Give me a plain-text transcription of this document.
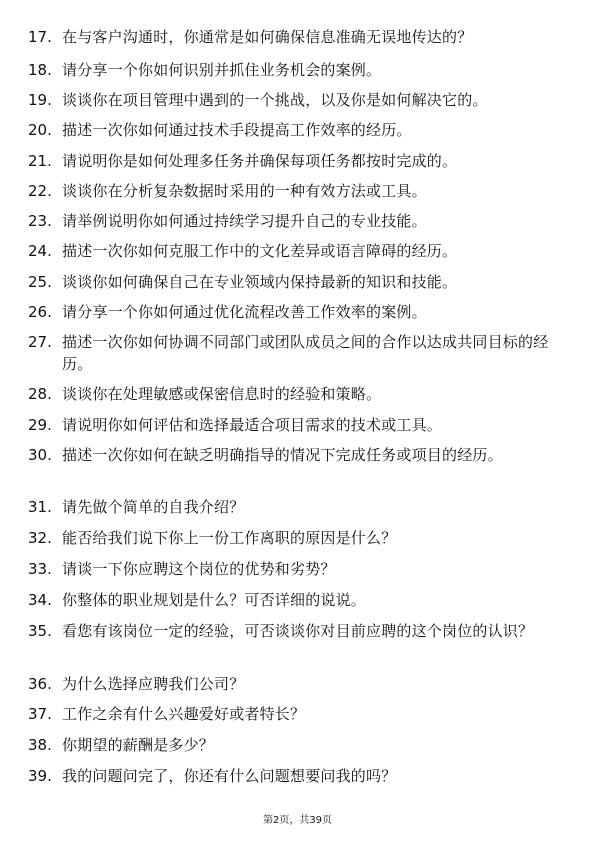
17. 在与客户沟通时，你通常是如何确保信息准确无误地传达的？
18. 请分享一个你如何识别并抓住业务机会的案例。
19. 谈谈你在项目管理中遇到的一个挑战，以及你是如何解决它的。
20. 描述一次你如何通过技术手段提高工作效率的经历。
21. 请说明你是如何处理多任务并确保每项任务都按时完成的。
22. 谈谈你在分析复杂数据时采用的一种有效方法或工具。
23. 请举例说明你如何通过持续学习提升自己的专业技能。
24. 描述一次你如何克服工作中的文化差异或语言障碍的经历。
25. 谈谈你如何确保自己在专业领域内保持最新的知识和技能。
26. 请分享一个你如何通过优化流程改善工作效率的案例。
27. 描述一次你如何协调不同部门或团队成员之间的合作以达成共同目标的经历。
28. 谈谈你在处理敏感或保密信息时的经验和策略。
29. 请说明你如何评估和选择最适合项目需求的技术或工具。
30. 描述一次你如何在缺乏明确指导的情况下完成任务或项目的经历。
31. 请先做个简单的自我介绍？
32. 能否给我们说下你上一份工作离职的原因是什么？
33. 请谈一下你应聘这个岗位的优势和劣势？
34. 你整体的职业规划是什么？可否详细的说说。
35. 看您有该岗位一定的经验，可否谈谈你对目前应聘的这个岗位的认识？
36. 为什么选择应聘我们公司？
37. 工作之余有什么兴趣爱好或者特长？
38. 你期望的薪酬是多少？
39. 我的问题问完了，你还有什么问题想要问我的吗？
第2页，共39页
